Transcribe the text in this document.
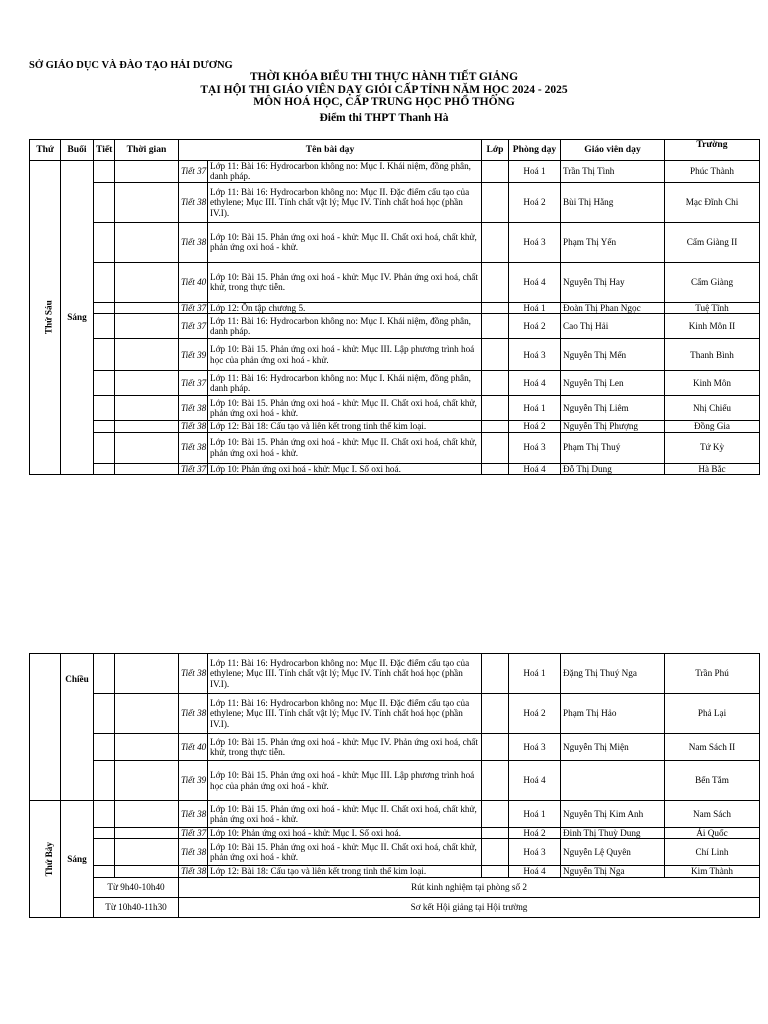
SỞ GIÁO DỤC VÀ ĐÀO TẠO HẢI DƯƠNG
THỜI KHÓA BIỂU THI THỰC HÀNH TIẾT GIẢNG
TẠI HỘI THI GIÁO VIÊN DẠY GIỎI CẤP TỈNH NĂM HỌC 2024 - 2025
MÔN HOÁ HỌC, CẤP TRUNG HỌC PHỔ THÔNG
Điểm thi THPT Thanh Hà
Thứ	Buổi	Tiết	Thời gian	Tên bài dạy		Lớp	Phòng dạy	Giáo viên dạy	Trường
Thứ Sáu	Sáng			Tiết 37	Lớp 11: Bài 16: Hydrocarbon không no: Mục I. Khái niệm, đồng phân, danh pháp.		Hoá 1	Trần Thị Tình	Phúc Thành
				Tiết 38	Lớp 11: Bài 16: Hydrocarbon không no: Mục II. Đặc điểm cấu tạo của ethylene; Mục III. Tính chất vật lý; Mục IV. Tính chất hoá học (phần IV.I).		Hoá 2	Bùi Thị Hằng	Mạc Đĩnh Chi
				Tiết 38	Lớp 10: Bài 15. Phản ứng oxi hoá - khử: Mục II. Chất oxi hoá, chất khử, phản ứng oxi hoá - khử.		Hoá 3	Phạm Thị Yến	Cẩm Giàng II
				Tiết 40	Lớp 10: Bài 15. Phản ứng oxi hoá - khử: Mục IV. Phản ứng oxi hoá, chất khử, trong thực tiễn.		Hoá 4	Nguyễn Thị Hay	Cẩm Giàng
				Tiết 37	Lớp 12: Ôn tập chương 5.		Hoá 1	Đoàn Thị Phan Ngọc	Tuệ Tĩnh
				Tiết 37	Lớp 11: Bài 16: Hydrocarbon không no: Mục I. Khái niệm, đồng phân, danh pháp.		Hoá 2	Cao Thị Hải	Kinh Môn II
				Tiết 39	Lớp 10: Bài 15. Phản ứng oxi hoá - khử: Mục III. Lập phương trình hoá học của phản ứng oxi hoá - khử.		Hoá 3	Nguyễn Thị Mến	Thanh Bình
				Tiết 37	Lớp 11: Bài 16: Hydrocarbon không no: Mục I. Khái niệm, đồng phân, danh pháp.		Hoá 4	Nguyễn Thị Len	Kinh Môn
				Tiết 38	Lớp 10: Bài 15. Phản ứng oxi hoá - khử: Mục II. Chất oxi hoá, chất khử, phản ứng oxi hoá - khử.		Hoá 1	Nguyễn Thị Liêm	Nhị Chiểu
				Tiết 38	Lớp 12: Bài 18: Cấu tạo và liên kết trong tinh thể kim loại.		Hoá 2	Nguyễn Thị Phượng	Đồng Gia
				Tiết 38	Lớp 10: Bài 15. Phản ứng oxi hoá - khử: Mục II. Chất oxi hoá, chất khử, phản ứng oxi hoá - khử.		Hoá 3	Phạm Thị Thuý	Tứ Kỳ
				Tiết 37	Lớp 10: Phản ứng oxi hoá - khử: Mục I. Số oxi hoá.		Hoá 4	Đỗ Thị Dung	Hà Bắc
	Chiều			Tiết 38	Lớp 11: Bài 16: Hydrocarbon không no: Mục II. Đặc điểm cấu tạo của ethylene; Mục III. Tính chất vật lý; Mục IV. Tính chất hoá học (phần IV.I).		Hoá 1	Đặng Thị Thuý Nga	Trần Phú
				Tiết 38	Lớp 11: Bài 16: Hydrocarbon không no: Mục II. Đặc điểm cấu tạo của ethylene; Mục III. Tính chất vật lý; Mục IV. Tính chất hoá học (phần IV.I).		Hoá 2	Phạm Thị Hảo	Phả Lại
				Tiết 40	Lớp 10: Bài 15. Phản ứng oxi hoá - khử: Mục IV. Phản ứng oxi hoá, chất khử, trong thực tiễn.		Hoá 3	Nguyễn Thị Miện	Nam Sách II
				Tiết 39	Lớp 10: Bài 15. Phản ứng oxi hoá - khử: Mục III. Lập phương trình hoá học của phản ứng oxi hoá - khử.		Hoá 4		Bến Tắm
Thứ Bảy	Sáng			Tiết 38	Lớp 10: Bài 15. Phản ứng oxi hoá - khử: Mục II. Chất oxi hoá, chất khử, phản ứng oxi hoá - khử.		Hoá 1	Nguyễn Thị Kim Anh	Nam Sách
				Tiết 37	Lớp 10: Phản ứng oxi hoá - khử: Mục I. Số oxi hoá.		Hoá 2	Đinh Thị Thuỳ Dung	Ái Quốc
				Tiết 38	Lớp 10: Bài 15. Phản ứng oxi hoá - khử: Mục II. Chất oxi hoá, chất khử, phản ứng oxi hoá - khử.		Hoá 3	Nguyễn Lệ Quyên	Chí Linh
				Tiết 38	Lớp 12: Bài 18: Cấu tạo và liên kết trong tinh thể kim loại.		Hoá 4	Nguyễn Thị Nga	Kim Thành
		Từ 9h40-10h40		Rút kinh nghiệm tại phòng số 2					
		Từ 10h40-11h30		Sơ kết Hội giảng tại Hội trường					
